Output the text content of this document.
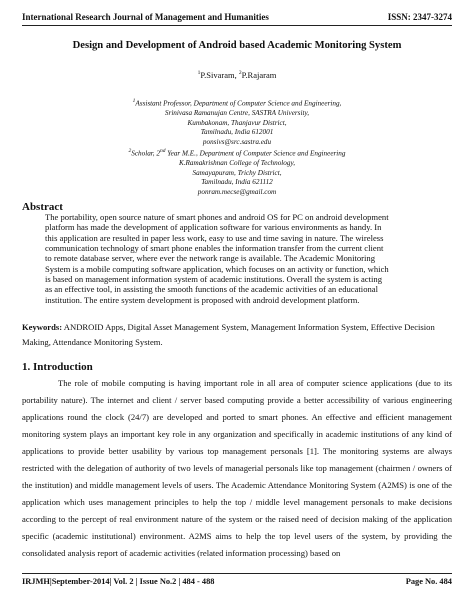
International Research Journal of Management and Humanities	ISSN: 2347-3274
Design and Development of Android based Academic Monitoring System
$^1$P.Sivaram, $^2$P.Rajaram
$^1$Assistant Professor, Department of Computer Science and Engineering,
Srinivasa Ramanujan Centre, SASTRA University,
Kumbakonam, Thanjavur District,
Tamilnadu, India 612001
ponsivs@src.sastra.edu
$^2$Scholar, 2nd Year M.E., Department of Computer Science and Engineering
K.Ramakrishnan College of Technology,
Samayapuram, Trichy District,
Tamilnadu, India 621112
ponram.mecse@gmail.com
Abstract
The portability, open source nature of smart phones and android OS for PC on android development
platform has made the development of application software for various environments as handy. In
this application are resulted in paper less work, easy to use and time saving in nature. The wireless
communication technology of smart phone enables the information transfer from the current client
to remote database server, where ever the network range is available. The Academic Monitoring
System is a mobile computing software application, which focuses on an activity or function, which
is based on management information system of academic institutions. Overall the system is acting
as an effective tool, in assisting the smooth functions of the academic activities of an educational
institution. The entire system development is proposed with android development platform.
Keywords: ANDROID Apps, Digital Asset Management System, Management Information System, Effective Decision Making, Attendance Monitoring System.
1. Introduction
The role of mobile computing is having important role in all area of computer science applications (due to its portability nature). The internet and client / server based computing provide a better accessibility of various engineering applications round the clock (24/7) are developed and ported to smart phones. An effective and efficient management monitoring system plays an important key role in any organization and specifically in academic institutions of any kind of applications to provide better usability by various top management personals [1]. The monitoring systems are always restricted with the delegation of authority of two levels of managerial personals like top management (chairmen / owners of the institution) and middle management levels of users. The Academic Attendance Monitoring System (A2MS) is one of the application which uses management principles to help the top / middle level management personals to make decisions according to the percept of real environment nature of the system or the raised need of decision making of the application specific (academic institutional) environment. A2MS aims to help the top level users of the system, by providing the consolidated analysis report of academic activities (related information processing) based on
IRJMH|September-2014| Vol. 2 | Issue No.2 | 484 - 488	Page No. 484
